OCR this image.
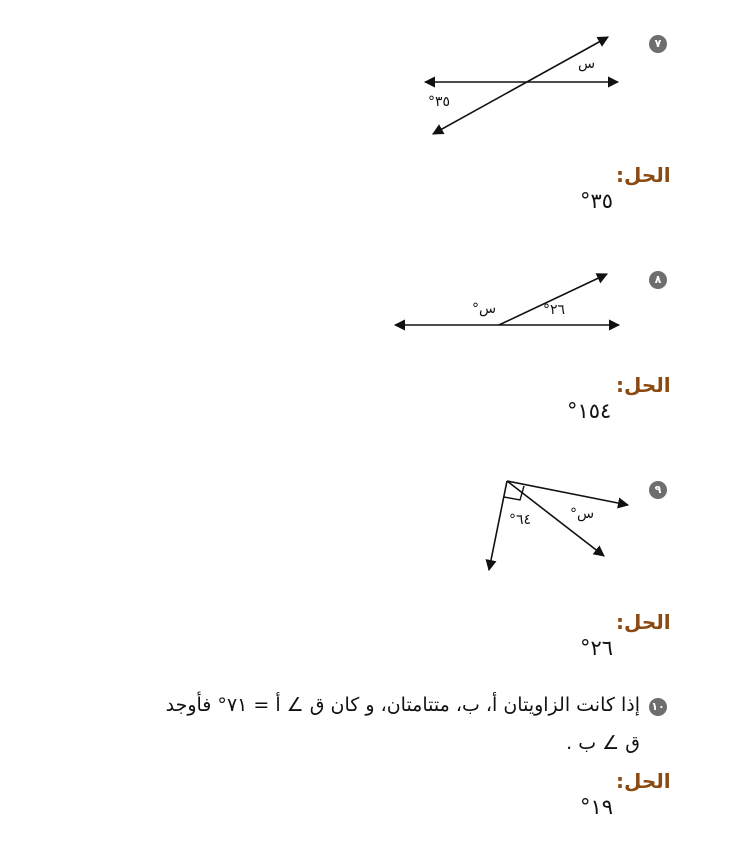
٧
س
٣٥°
الحل:
٣٥°
٨
س°	٢٦°
الحل:
١٥٤°
٩
س°
٦٤°
الحل:
٢٦°
١٠
إذا كانت الزاويتان أ، ب، متتامتان، و كان ق ∠ أ = ٧١° فأوجد
ق ∠ ب .
الحل:
١٩°
